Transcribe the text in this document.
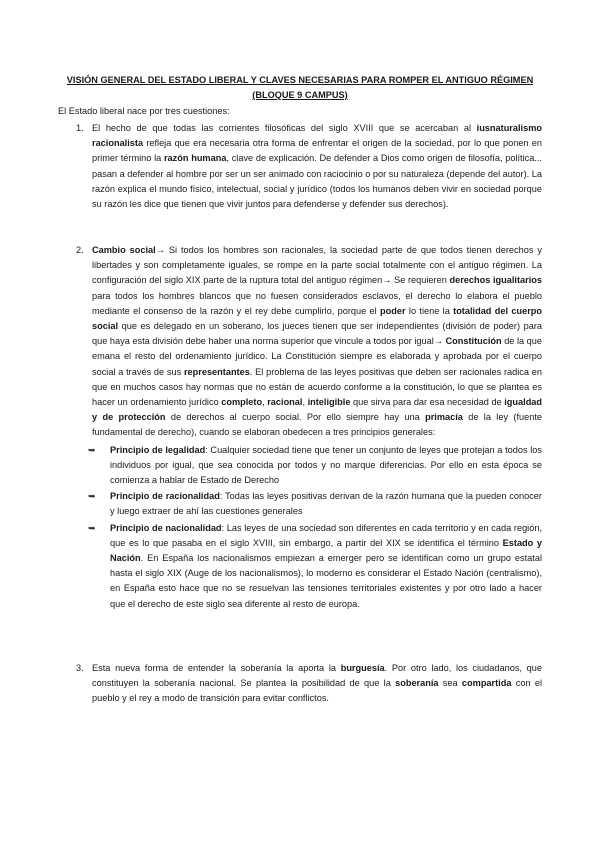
VISIÓN GENERAL DEL ESTADO LIBERAL Y CLAVES NECESARIAS PARA ROMPER EL ANTIGUO RÉGIMEN (BLOQUE 9 CAMPUS)
El Estado liberal nace por tres cuestiones:
1. El hecho de que todas las corrientes filosóficas del siglo XVIII que se acercaban al iusnaturalismo racionalista refleja que era necesaria otra forma de enfrentar el origen de la sociedad, por lo que ponen en primer término la razón humana, clave de explicación. De defender a Dios como origen de filosofía, política... pasan a defender al hombre por ser un ser animado con raciocinio o por su naturaleza (depende del autor). La razón explica el mundo físico, intelectual, social y jurídico (todos los humanos deben vivir en sociedad porque su razón les dice que tienen que vivir juntos para defenderse y defender sus derechos).
2. Cambio social→ Si todos los hombres son racionales, la sociedad parte de que todos tienen derechos y libertades y son completamente iguales, se rompe en la parte social totalmente con el antiguo régimen. La configuración del siglo XIX parte de la ruptura total del antiguo régimen→ Se requieren derechos igualitarios para todos los hombres blancos que no fuesen considerados esclavos, el derecho lo elabora el pueblo mediante el consenso de la razón y el rey debe cumplirlo, porque el poder lo tiene la totalidad del cuerpo social que es delegado en un soberano, los jueces tienen que ser independientes (división de poder) para que haya esta división debe haber una norma superior que vincule a todos por igual→ Constitución de la que emana el resto del ordenamiento jurídico. La Constitución siempre es elaborada y aprobada por el cuerpo social a través de sus representantes. El problema de las leyes positivas que deben ser racionales radica en que en muchos casos hay normas que no están de acuerdo conforme a la constitución, lo que se plantea es hacer un ordenamiento jurídico completo, racional, inteligible que sirva para dar esa necesidad de igualdad y de protección de derechos al cuerpo social. Por ello siempre hay una primacía de la ley (fuente fundamental de derecho), cuando se elaboran obedecen a tres principios generales:
➥ Principio de legalidad: Cualquier sociedad tiene que tener un conjunto de leyes que protejan a todos los individuos por igual, que sea conocida por todos y no marque diferencias. Por ello en esta época se comienza a hablar de Estado de Derecho
➥ Principio de racionalidad: Todas las leyes positivas derivan de la razón humana que la pueden conocer y luego extraer de ahí las cuestiones generales
➥ Principio de nacionalidad: Las leyes de una sociedad son diferentes en cada territorio y en cada región, que es lo que pasaba en el siglo XVIII, sin embargo, a partir del XIX se identifica el término Estado y Nación. En España los nacionalismos empiezan a emerger pero se identifican como un grupo estatal hasta el siglo XIX (Auge de los nacionalismos), lo moderno es considerar el Estado Nación (centralismo), en España esto hace que no se resuelvan las tensiones territoriales existentes y por otro lado a hacer que el derecho de este siglo sea diferente al resto de europa.
3. Esta nueva forma de entender la soberanía la aporta la burguesía. Por otro lado, los ciudadanos, que constituyen la soberanía nacional. Se plantea la posibilidad de que la soberanía sea compartida con el pueblo y el rey a modo de transición para evitar conflictos.
